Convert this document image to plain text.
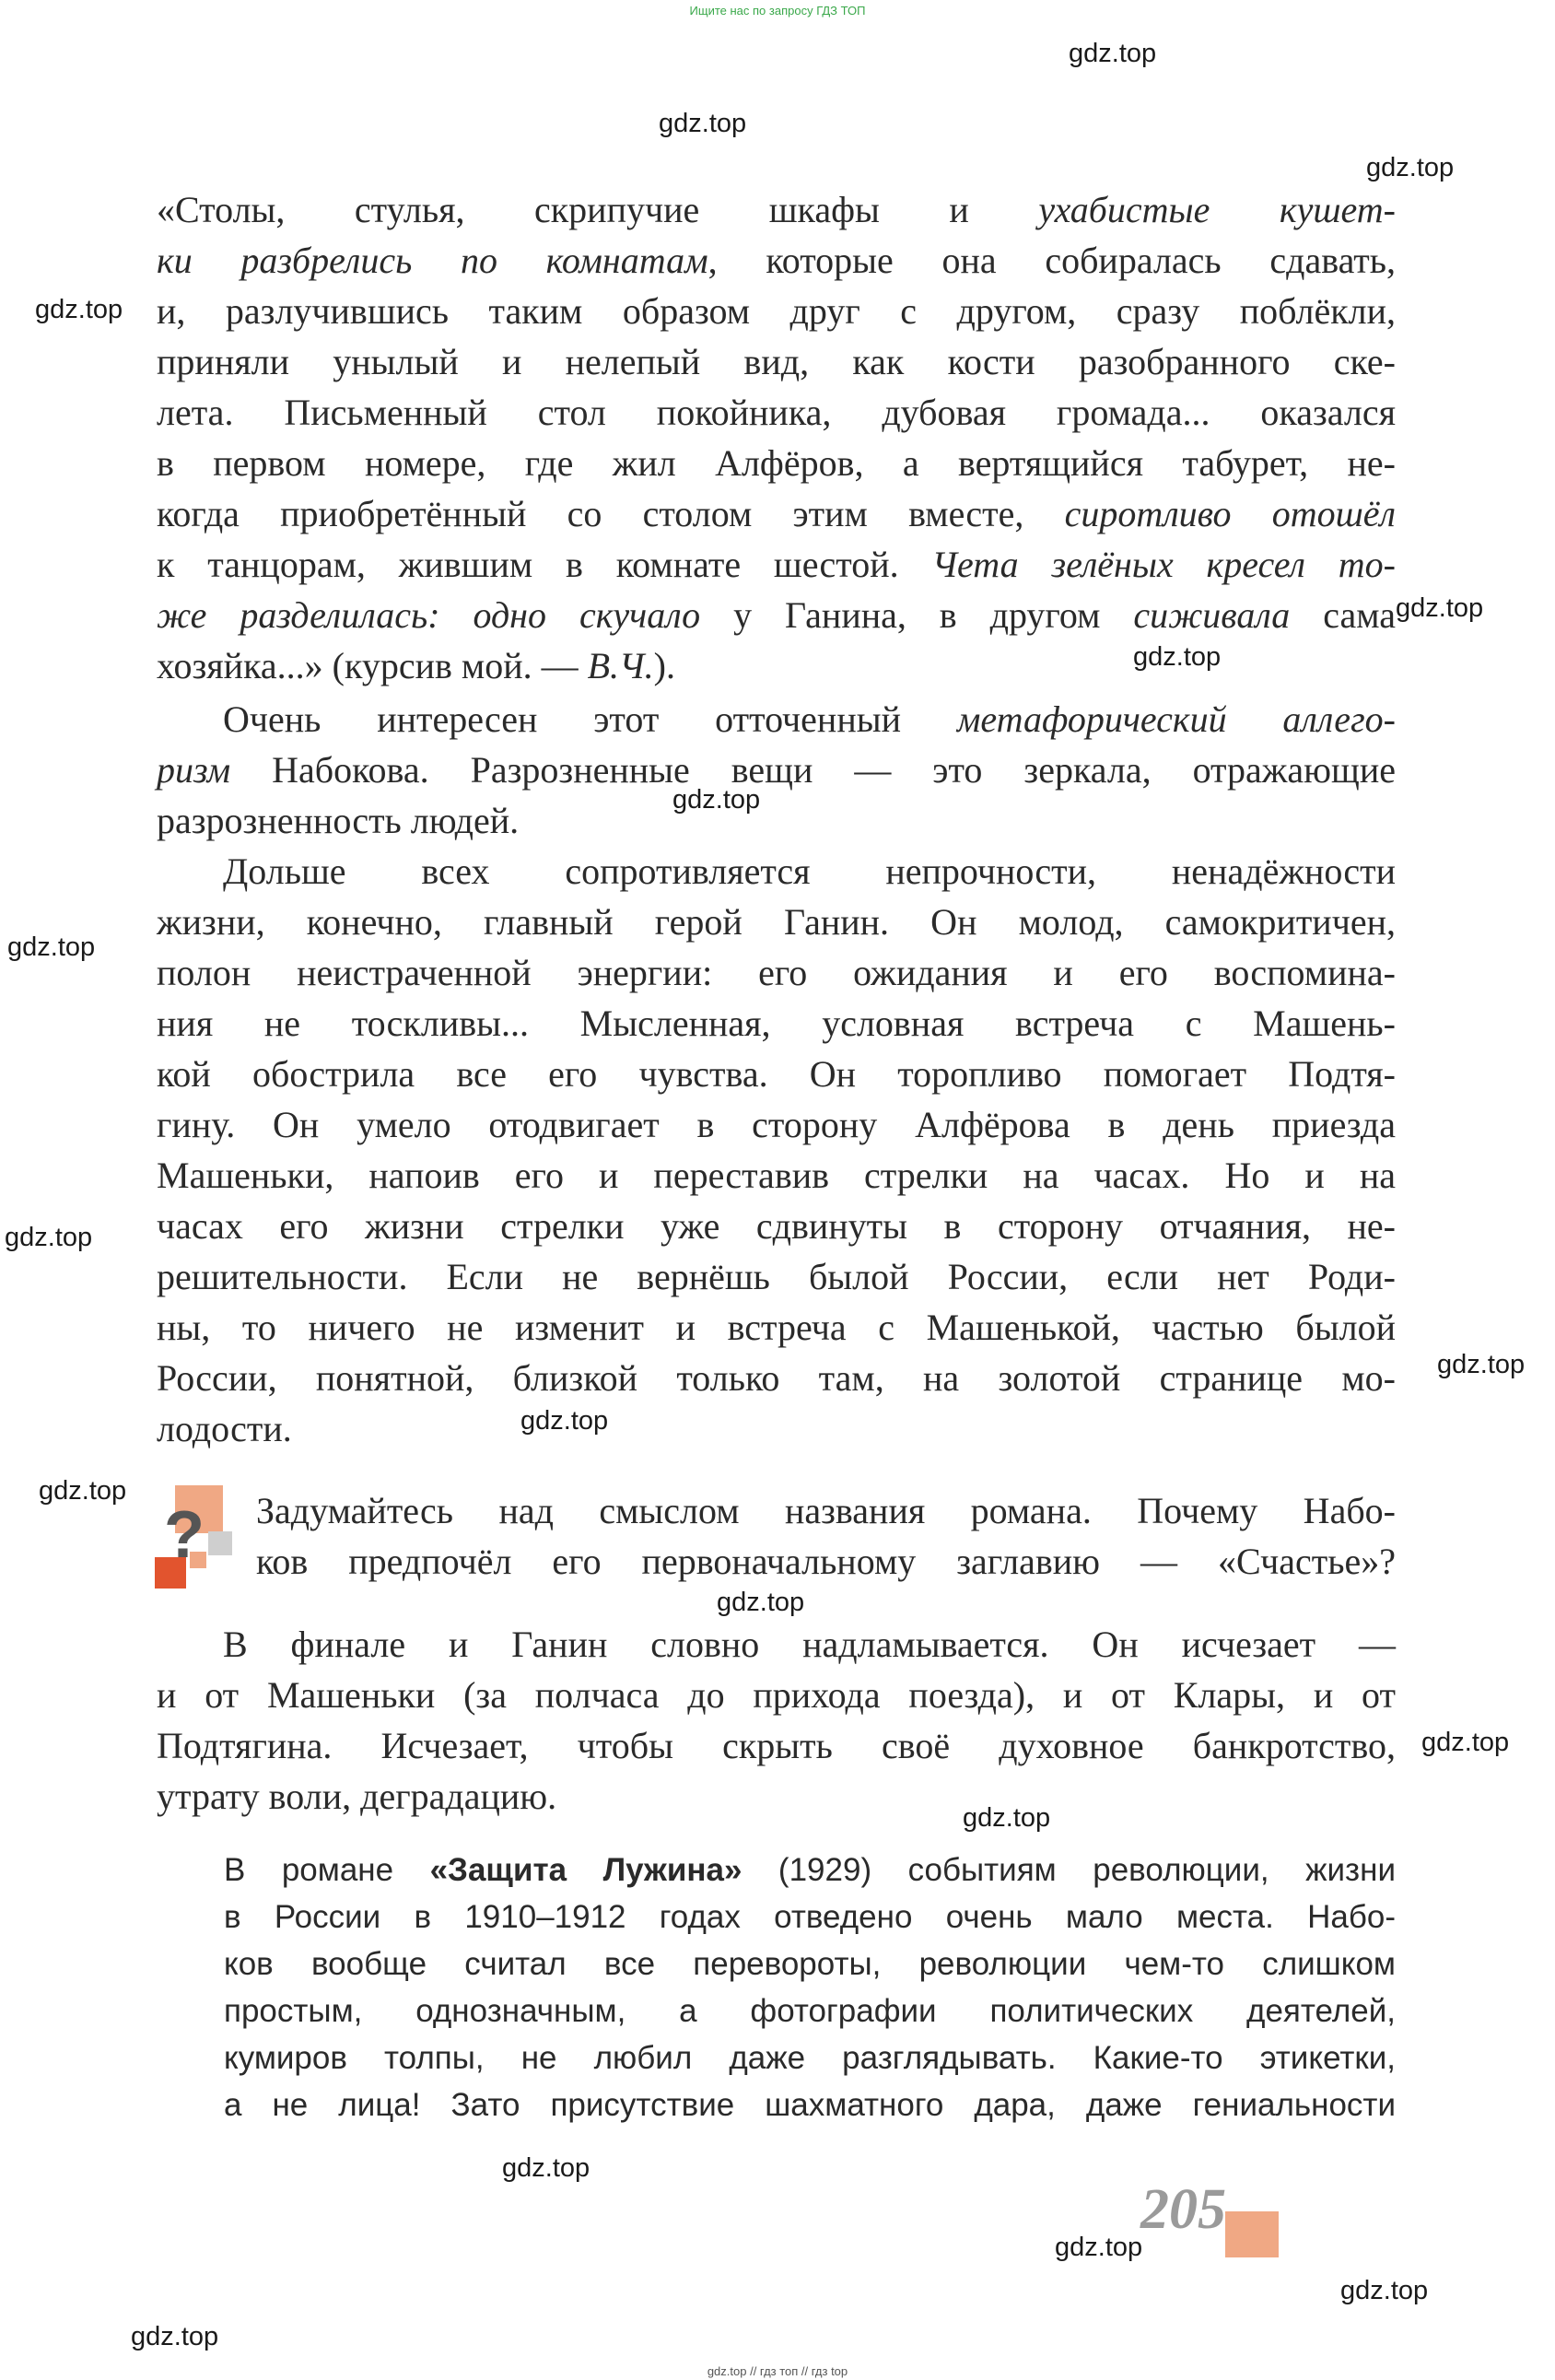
Ищите нас по запросу ГДЗ ТОП
«Столы, стулья, скрипучие шкафы и ухабистые кушет-
ки разбрелись по комнатам, которые она собиралась сдавать,
и, разлучившись таким образом друг с другом, сразу поблёкли,
приняли унылый и нелепый вид, как кости разобранного ске-
лета. Письменный стол покойника, дубовая громада... оказался
в первом номере, где жил Алфёров, а вертящийся табурет, не-
когда приобретённый со столом этим вместе, сиротливо отошёл
к танцорам, жившим в комнате шестой. Чета зелёных кресел то-
же разделилась: одно скучало у Ганина, в другом сиживала сама
хозяйка...» (курсив мой. — В.Ч.).
Очень интересен этот отточенный метафорический аллего-
ризм Набокова. Разрозненные вещи — это зеркала, отражающие
разрозненность людей.
Дольше всех сопротивляется непрочности, ненадёжности
жизни, конечно, главный герой Ганин. Он молод, самокритичен,
полон неистраченной энергии: его ожидания и его воспомина-
ния не тоскливы... Мысленная, условная встреча с Машень-
кой обострила все его чувства. Он торопливо помогает Подтя-
гину. Он умело отодвигает в сторону Алфёрова в день приезда
Машеньки, напоив его и переставив стрелки на часах. Но и на
часах его жизни стрелки уже сдвинуты в сторону отчаяния, не-
решительности. Если не вернёшь былой России, если нет Роди-
ны, то ничего не изменит и встреча с Машенькой, частью былой
России, понятной, близкой только там, на золотой странице мо-
лодости.
? Задумайтесь над смыслом названия романа. Почему Набо-
ков предпочёл его первоначальному заглавию — «Счастье»?
В финале и Ганин словно надламывается. Он исчезает —
и от Машеньки (за полчаса до прихода поезда), и от Клары, и от
Подтягина. Исчезает, чтобы скрыть своё духовное банкротство,
утрату воли, деградацию.
В романе «Защита Лужина» (1929) событиям революции, жизни
в России в 1910–1912 годах отведено очень мало места. Набо-
ков вообще считал все перевороты, революции чем-то слишком
простым, однозначным, а фотографии политических деятелей,
кумиров толпы, не любил даже разглядывать. Какие-то этикетки,
а не лица! Зато присутствие шахматного дара, даже гениальности
205
gdz.top
gdz.top
gdz.top
gdz.top
gdz.top
gdz.top
gdz.top
gdz.top
gdz.top
gdz.top
gdz.top
gdz.top
gdz.top
gdz.top
gdz.top
gdz.top
gdz.top
gdz.top
gdz.top
gdz.top // гдз топ // гдз top
